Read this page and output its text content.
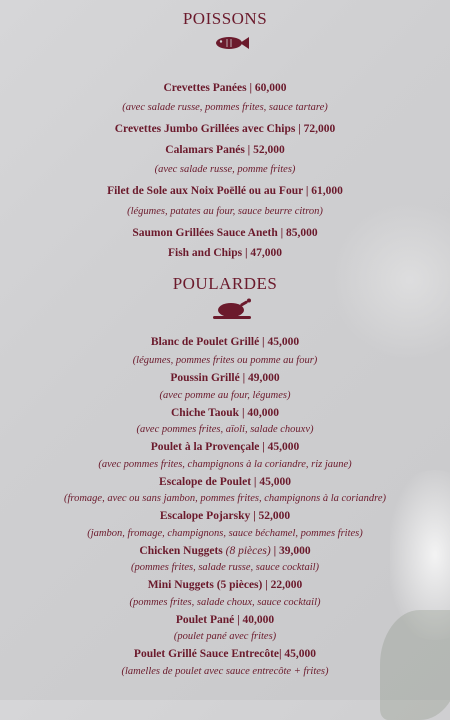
POISSONS
Crevettes Panées | 60,000
(avec salade russe, pommes frites, sauce tartare)
Crevettes Jumbo Grillées avec Chips | 72,000
Calamars Panés | 52,000
(avec salade russe, pomme frites)
Filet de Sole aux Noix Poëllé ou au Four | 61,000
(légumes, patates au four, sauce beurre citron)
Saumon Grillées Sauce Aneth | 85,000
Fish and Chips | 47,000
POULARDES
Blanc de Poulet Grillé | 45,000
(légumes, pommes frites ou pomme au four)
Poussin Grillé | 49,000
(avec pomme au four, légumes)
Chiche Taouk | 40,000
(avec pommes frites, aïoli, salade chouxv)
Poulet à la Provençale | 45,000
(avec pommes frites, champignons à la coriandre, riz jaune)
Escalope de Poulet | 45,000
(fromage, avec ou sans jambon, pommes frites, champignons à la coriandre)
Escalope Pojarsky | 52,000
(jambon, fromage, champignons, sauce béchamel, pommes frites)
Chicken Nuggets (8 pièces) | 39,000
(pommes frites, salade russe, sauce cocktail)
Mini Nuggets (5 pièces) | 22,000
(pommes frites, salade choux, sauce cocktail)
Poulet Pané | 40,000
(poulet pané avec frites)
Poulet Grillé Sauce Entrecôte| 45,000
(lamelles de poulet avec sauce entrecôte + frites)
